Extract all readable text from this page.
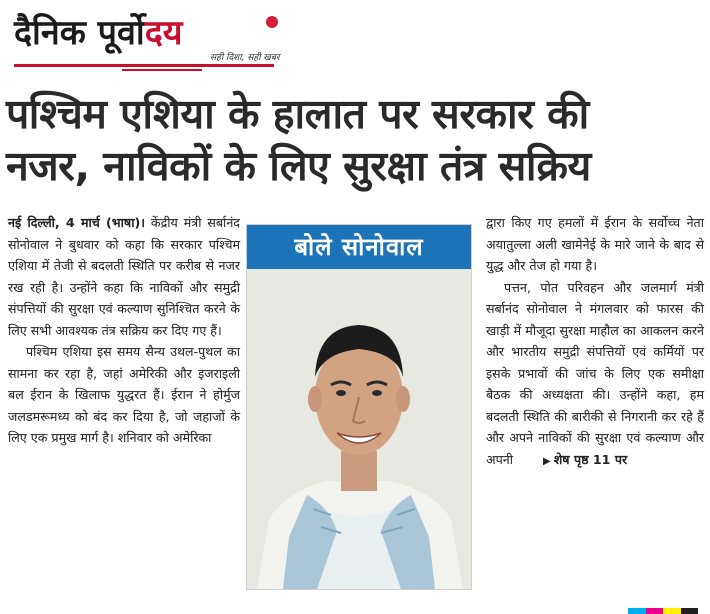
दैनिक पूर्वोदय
सही दिशा, सही खबर
पश्चिम एशिया के हालात पर सरकार की
नजर, नाविकों के लिए सुरक्षा तंत्र सक्रिय

नई दिल्ली, 4 मार्च (भाषा)। केंद्रीय मंत्री सर्बानंद सोनोवाल ने बुधवार को कहा कि सरकार पश्चिम एशिया में तेजी से बदलती स्थिति पर करीब से नजर रख रही है। उन्होंने कहा कि नाविकों और समुद्री संपत्तियों की सुरक्षा एवं कल्याण सुनिश्चित करने के लिए सभी आवश्यक तंत्र सक्रिय कर दिए गए हैं।

पश्चिम एशिया इस समय सैन्य उथल-पुथल का सामना कर रहा है, जहां अमेरिकी और इजराइली बल ईरान के खिलाफ युद्धरत हैं। ईरान ने होर्मुज जलडमरूमध्य को बंद कर दिया है, जो जहाजों के लिए एक प्रमुख मार्ग है। शनिवार को अमेरिका

बोले सोनोवाल

द्वारा किए गए हमलों में ईरान के सर्वोच्च नेता अयातुल्ला अली खामेनेई के मारे जाने के बाद से युद्ध और तेज हो गया है।

पत्तन, पोत परिवहन और जलमार्ग मंत्री सर्बानंद सोनोवाल ने मंगलवार को फारस की खाड़ी में मौजूदा सुरक्षा माहौल का आकलन करने और भारतीय समुद्री संपत्तियों एवं कर्मियों पर इसके प्रभावों की जांच के लिए एक समीक्षा बैठक की अध्यक्षता की। उन्होंने कहा, हम बदलती स्थिति की बारीकी से निगरानी कर रहे हैं और अपने नाविकों की सुरक्षा एवं कल्याण और अपनी	▶ शेष पृष्ठ 11 पर
